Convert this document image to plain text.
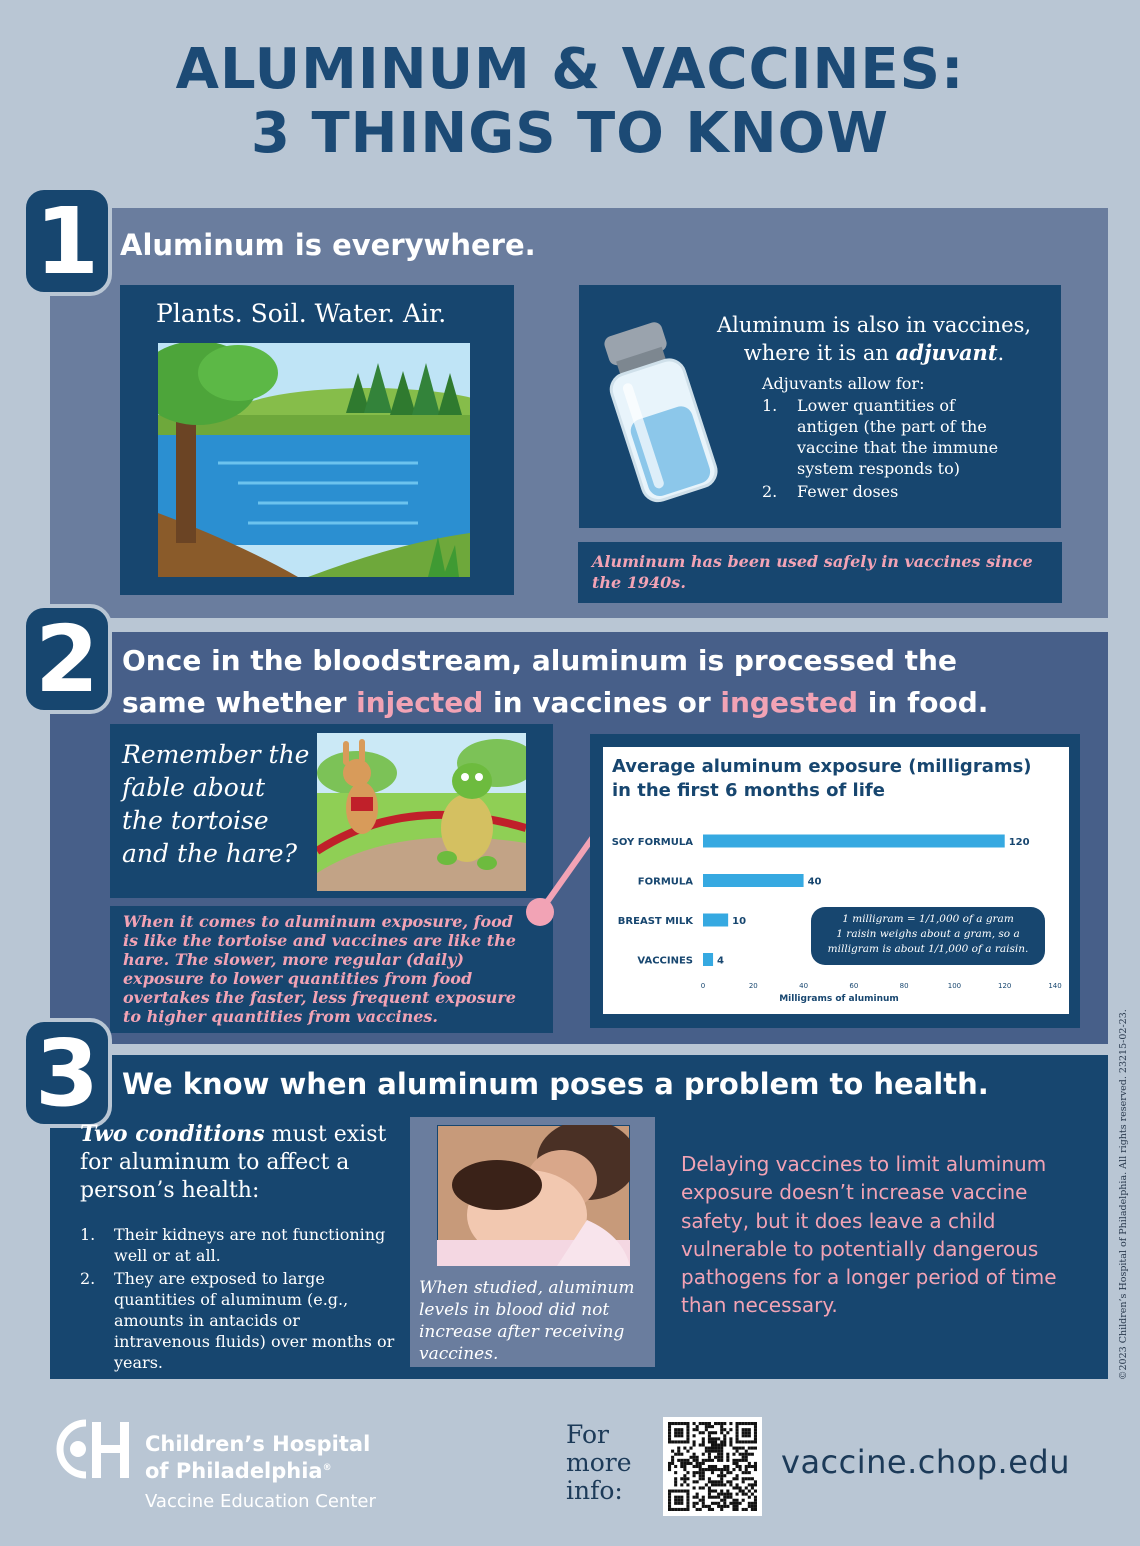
ALUMINUM & VACCINES:
3 THINGS TO KNOW
1 Aluminum is everywhere.
Plants. Soil. Water. Air.	Aluminum is also in vaccines,
where it is an adjuvant.
Adjuvants allow for:
1.	Lower quantities of antigen (the part of the vaccine that the immune system responds to)
2.	Fewer doses
Aluminum has been used safely in vaccines since the 1940s.
2 Once in the bloodstream, aluminum is processed the
same whether injected in vaccines or ingested in food.
Remember the fable about the tortoise and the hare?
When it comes to aluminum exposure, food is like the tortoise and vaccines are like the hare. The slower, more regular (daily) exposure to lower quantities from food overtakes the faster, less frequent exposure to higher quantities from vaccines.
Average aluminum exposure (milligrams)
in the first 6 months of life
SOY FORMULA	120
FORMULA	40
BREAST MILK	10
VACCINES 4
0	20	40	60	80	100	120	140
Milligrams of aluminum
1 milligram = 1/1,000 of a gram
1 raisin weighs about a gram, so a
milligram is about 1/1,000 of a raisin.
3 We know when aluminum poses a problem to health.
Two conditions must exist for aluminum to affect a person’s health:
1.	Their kidneys are not functioning well or at all.
2.	They are exposed to large quantities of aluminum (e.g., amounts in antacids or intravenous fluids) over months or years.
When studied, aluminum levels in blood did not increase after receiving vaccines.
Delaying vaccines to limit aluminum exposure doesn’t increase vaccine safety, but it does leave a child vulnerable to potentially dangerous pathogens for a longer period of time than necessary.	©2023 Children’s Hospital of Philadelphia. All rights reserved. 23215-02-23.
Children’s Hospital
of Philadelphia®
Vaccine Education Center
For
more
info:
vaccine.chop.edu
